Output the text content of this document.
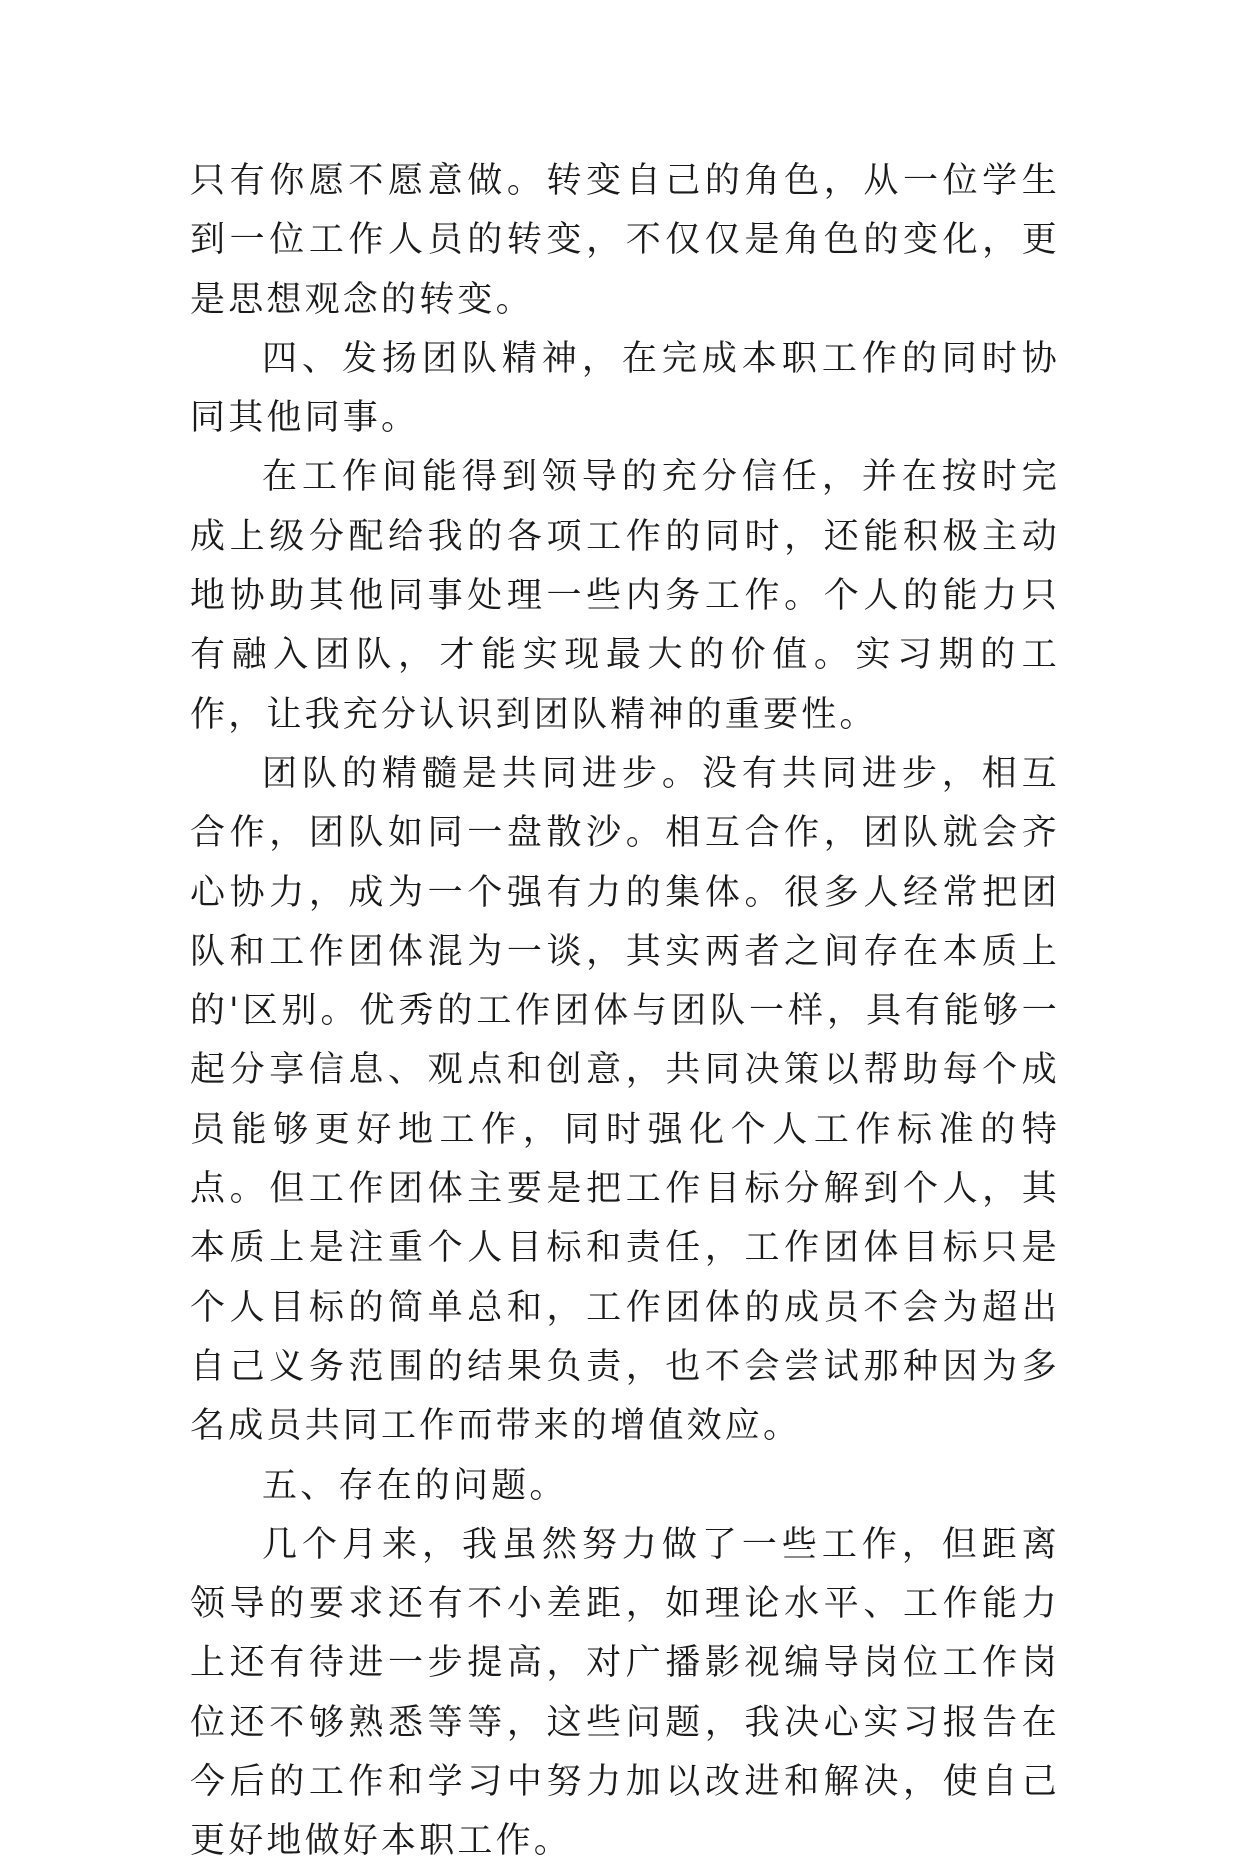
只有你愿不愿意做。转变自己的角色，从一位学生到一位工作人员的转变，不仅仅是角色的变化，更是思想观念的转变。

四、发扬团队精神，在完成本职工作的同时协同其他同事。

在工作间能得到领导的充分信任，并在按时完成上级分配给我的各项工作的同时，还能积极主动地协助其他同事处理一些内务工作。个人的能力只有融入团队，才能实现最大的价值。实习期的工作，让我充分认识到团队精神的重要性。

团队的精髓是共同进步。没有共同进步，相互合作，团队如同一盘散沙。相互合作，团队就会齐心协力，成为一个强有力的集体。很多人经常把团队和工作团体混为一谈，其实两者之间存在本质上的'区别。优秀的工作团体与团队一样，具有能够一起分享信息、观点和创意，共同决策以帮助每个成员能够更好地工作，同时强化个人工作标准的特点。但工作团体主要是把工作目标分解到个人，其本质上是注重个人目标和责任，工作团体目标只是个人目标的简单总和，工作团体的成员不会为超出自己义务范围的结果负责，也不会尝试那种因为多名成员共同工作而带来的增值效应。

五、存在的问题。

几个月来，我虽然努力做了一些工作，但距离领导的要求还有不小差距，如理论水平、工作能力上还有待进一步提高，对广播影视编导岗位工作岗位还不够熟悉等等，这些问题，我决心实习报告在今后的工作和学习中努力加以改进和解决，使自己更好地做好本职工作。
